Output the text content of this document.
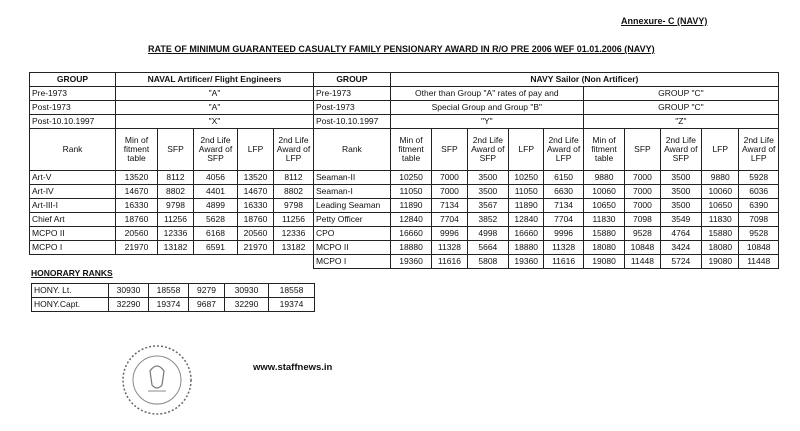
Annexure- C (NAVY)
RATE OF MINIMUM GUARANTEED CASUALTY FAMILY PENSIONARY AWARD IN R/O PRE 2006 WEF 01.01.2006 (NAVY)
GROUP	NAVAL Artificer/ Flight Engineers				
Pre-1973	"A"				
Post-1973	"A"				
Post-10.10.1997	"X"				
Rank	Min of fitment table	SFP	2nd Life Award of SFP	LFP	2nd Life Award of LFP
Art-V	13520	8112	4056	13520	8112
Art-IV	14670	8802	4401	14670	8802
Art-III-I	16330	9798	4899	16330	9798
Chief Art	18760	11256	5628	18760	11256
MCPO II	20560	12336	6168	20560	12336
MCPO I	21970	13182	6591	21970	13182
GROUP	NAVY Sailor (Non Artificer)									
Pre-1973	Other than Group "A" rates of pay and					GROUP "C"				
Post-1973	Special Group and Group "B"					GROUP "C"				
Post-10.10.1997	"Y"					"Z"				
Rank	Min of fitment table	SFP	2nd Life Award of SFP	LFP	2nd Life Award of LFP	Min of fitment table	SFP	2nd Life Award of SFP	LFP	2nd Life Award of LFP
Seaman-II	10250	7000	3500	10250	6150	9880	7000	3500	9880	5928
Seaman-I	11050	7000	3500	11050	6630	10060	7000	3500	10060	6036
Leading Seaman	11890	7134	3567	11890	7134	10650	7000	3500	10650	6390
Petty Officer	12840	7704	3852	12840	7704	11830	7098	3549	11830	7098
CPO	16660	9996	4998	16660	9996	15880	9528	4764	15880	9528
MCPO II	18880	11328	5664	18880	11328	18080	10848	3424	18080	10848
MCPO I	19360	11616	5808	19360	11616	19080	11448	5724	19080	11448
HONORARY RANKS
HONY. Lt.	30930	18558	9279	30930	18558
HONY.Capt.	32290	19374	9687	32290	19374
www.staffnews.in
